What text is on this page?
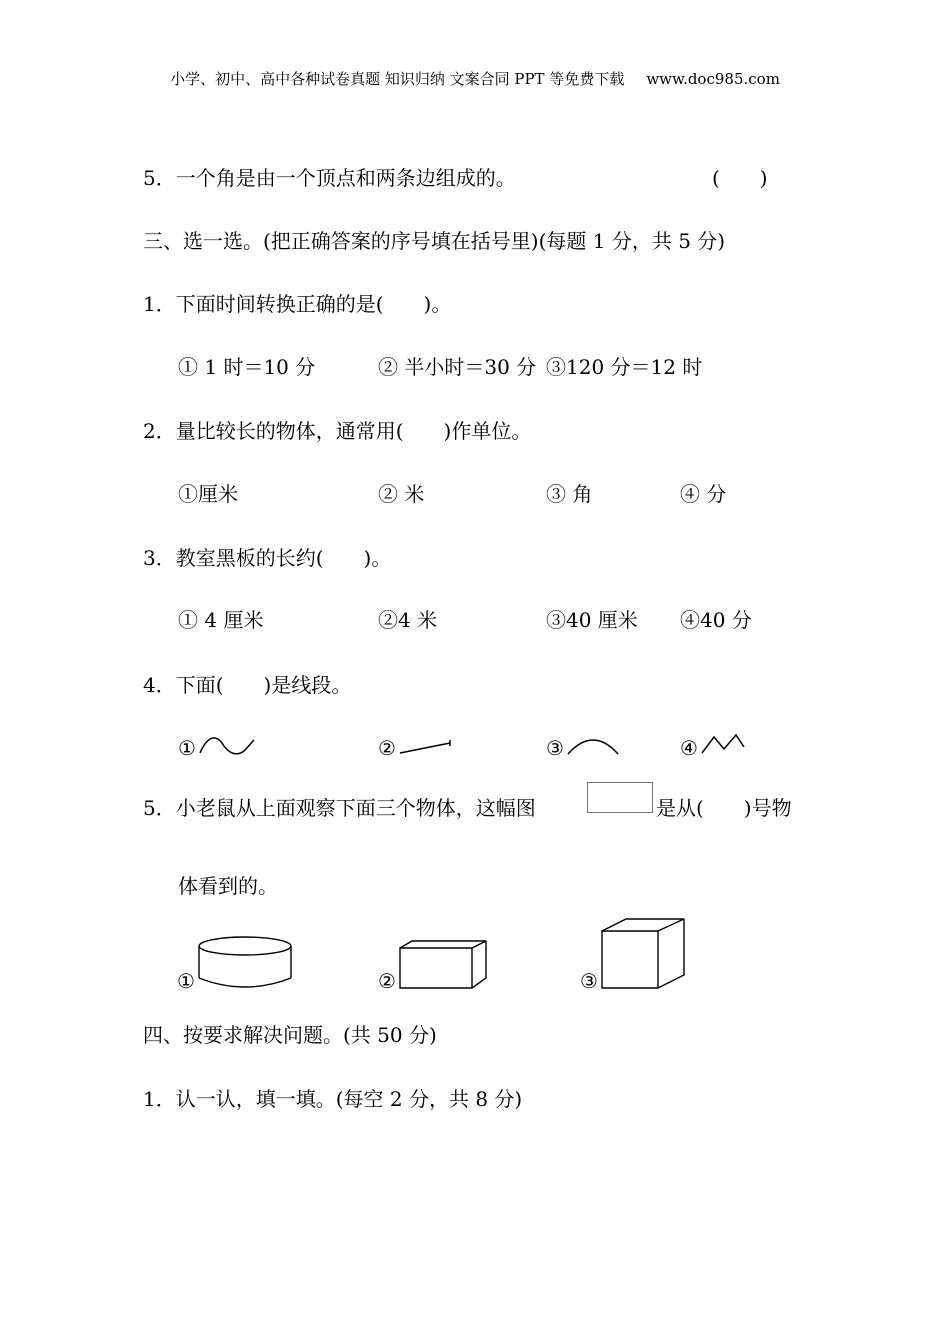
小学、初中、高中各种试卷真题 知识归纳 文案合同 PPT 等免费下载 www.doc985.com
5．一个角是由一个顶点和两条边组成的。	(　　)
三、选一选。(把正确答案的序号填在括号里)(每题 1 分，共 5 分)
1．下面时间转换正确的是(　　)。
① 1 时＝10 分	② 半小时＝30 分 ③120 分＝12 时
2．量比较长的物体，通常用(　　)作单位。
①厘米	② 米	③ 角	④ 分
3．教室黑板的长约(　　)。
① 4 厘米	②4 米	③40 厘米 ④40 分
4．下面(　　)是线段。
①	②	③	④
5．小老鼠从上面观察下面三个物体，这幅图	是从(　　)号物
体看到的。
①	②	③
四、按要求解决问题。(共 50 分)
1．认一认，填一填。(每空 2 分，共 8 分)
